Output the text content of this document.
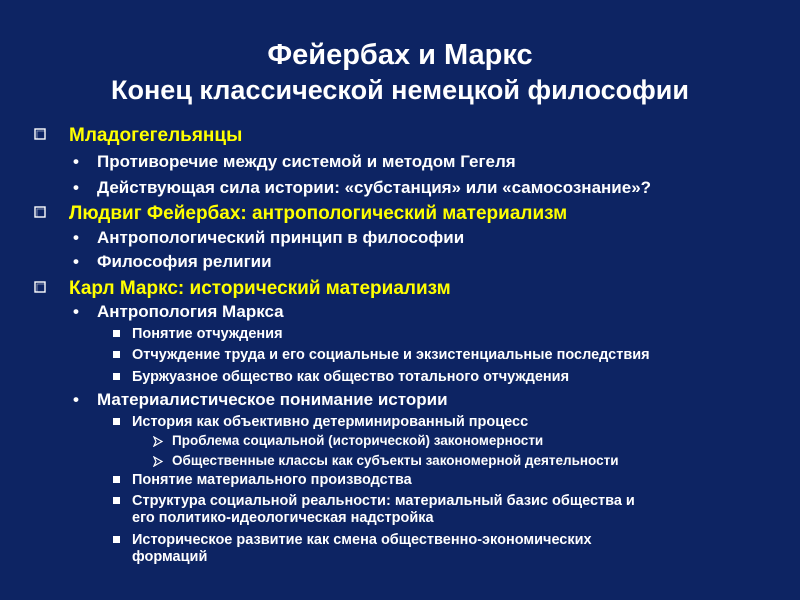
Фейербах и Маркс
Конец классической немецкой философии
Младогегельянцы
• Противоречие между системой и методом Гегеля
• Действующая сила истории: «субстанция» или «самосознание»?
Людвиг Фейербах: антропологический материализм
• Антропологический принцип в философии
• Философия религии
Карл Маркс: исторический материализм
• Антропология Маркса
Понятие отчуждения
Отчуждение труда и его социальные и экзистенциальные последствия
Буржуазное общество как общество тотального отчуждения
• Материалистическое понимание истории
История как объективно детерминированный процесс
Проблема социальной (исторической) закономерности
Общественные классы как субъекты закономерной деятельности
Понятие материального производства
Структура социальной реальности: материальный базис общества и
его политико-идеологическая надстройка
Историческое развитие как смена общественно-экономических
формаций
